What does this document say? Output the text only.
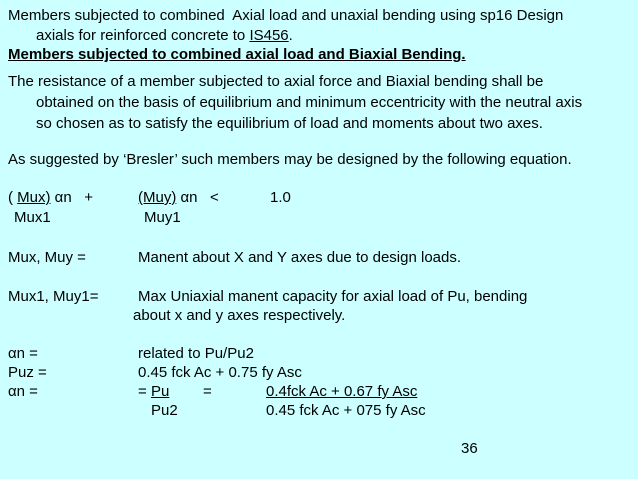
Members subjected to combined  Axial load and unaxial bending using sp16 Design
axials for reinforced concrete to IS456.
Members subjected to combined axial load and Biaxial Bending.
The resistance of a member subjected to axial force and Biaxial bending shall be
obtained on the basis of equilibrium and minimum eccentricity with the neutral axis
so chosen as to satisfy the equilibrium of load and moments about two axes.
As suggested by ‘Bresler’ such members may be designed by the following equation.
( Mux) αn   +	(Muy) αn   <	1.0
Mux1	Muy1
Mux, Muy =	Manent about X and Y axes due to design loads.
Mux1, Muy1=	Max Uniaxial manent capacity for axial load of Pu, bending
about x and y axes respectively.
αn =	related to Pu/Pu2
Puz =	0.45 fck Ac + 0.75 fy Asc
αn =	= Pu =	0.4fck Ac + 0.67 fy Asc
Pu2	0.45 fck Ac + 075 fy Asc
36
